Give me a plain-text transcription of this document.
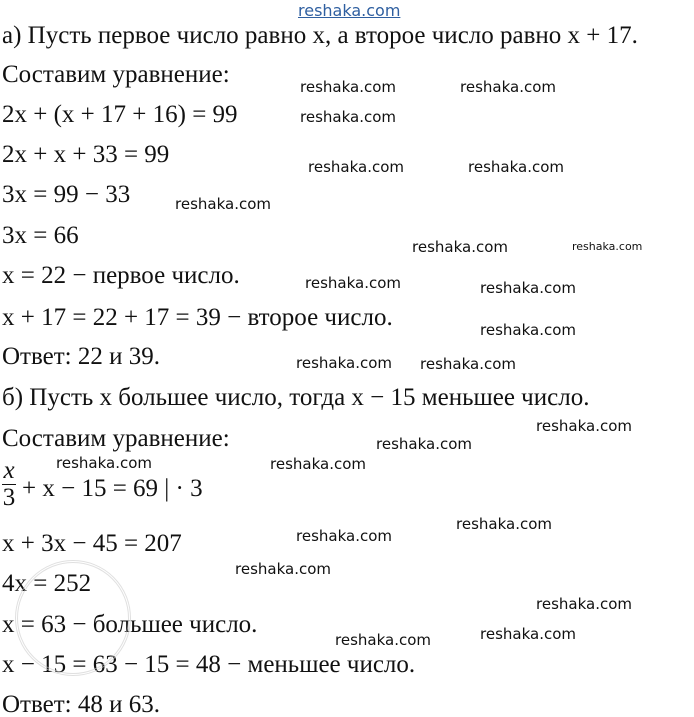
reshaka.com
а) Пусть первое число равно x, а второе число равно x + 17.
Составим уравнение:
2x + (x + 17 + 16) = 99
2x + x + 33 = 99
3x = 99 − 33
3x = 66
x = 22 − первое число.
x + 17 = 22 + 17 = 39 − второе число.
Ответ: 22 и 39.
б) Пусть x большее число, тогда x − 15 меньшее число.
Составим уравнение:
$\frac{x}{3} + x - 15 = 69$ | · 3
x + 3x − 45 = 207
4x = 252
x = 63 − большее число.
x − 15 = 63 − 15 = 48 − меньшее число.
Ответ: 48 и 63.
reshaka.com
reshaka.com	reshaka.com
reshaka.com	reshaka.com
reshaka.com
reshaka.com	reshaka.com
reshaka.com	reshaka.com
reshaka.com
reshaka.com reshaka.com
reshaka.com
reshaka.com
reshaka.com
reshaka.com
reshaka.com
reshaka.com
reshaka.com
reshaka.com
reshaka.com	reshaka.com
